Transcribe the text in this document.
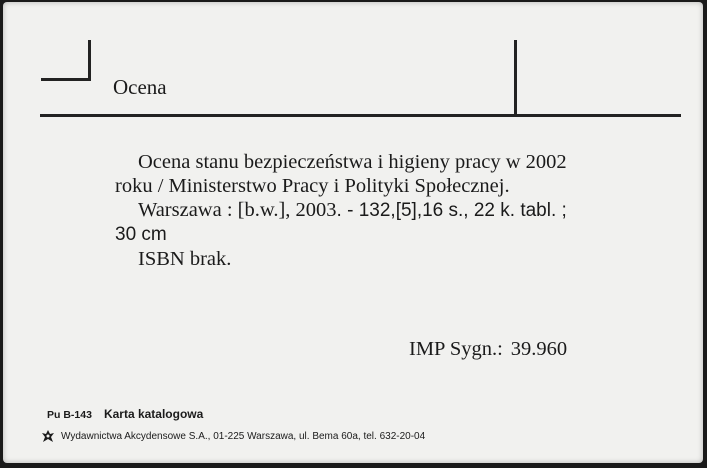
Ocena

Ocena stanu bezpieczeństwa i higieny pracy w 2002

roku / Ministerstwo Pracy i Polityki Społecznej.

Warszawa : [b.w.], 2003. - 132,[5],16 s., 22 k. tabl. ;

30 cm

ISBN brak.

IMP Sygn.: 39.960
Pu B-143 Karta katalogowa
Wydawnictwa Akcydensowe S.A., 01-225 Warszawa, ul. Bema 60a, tel. 632-20-04
